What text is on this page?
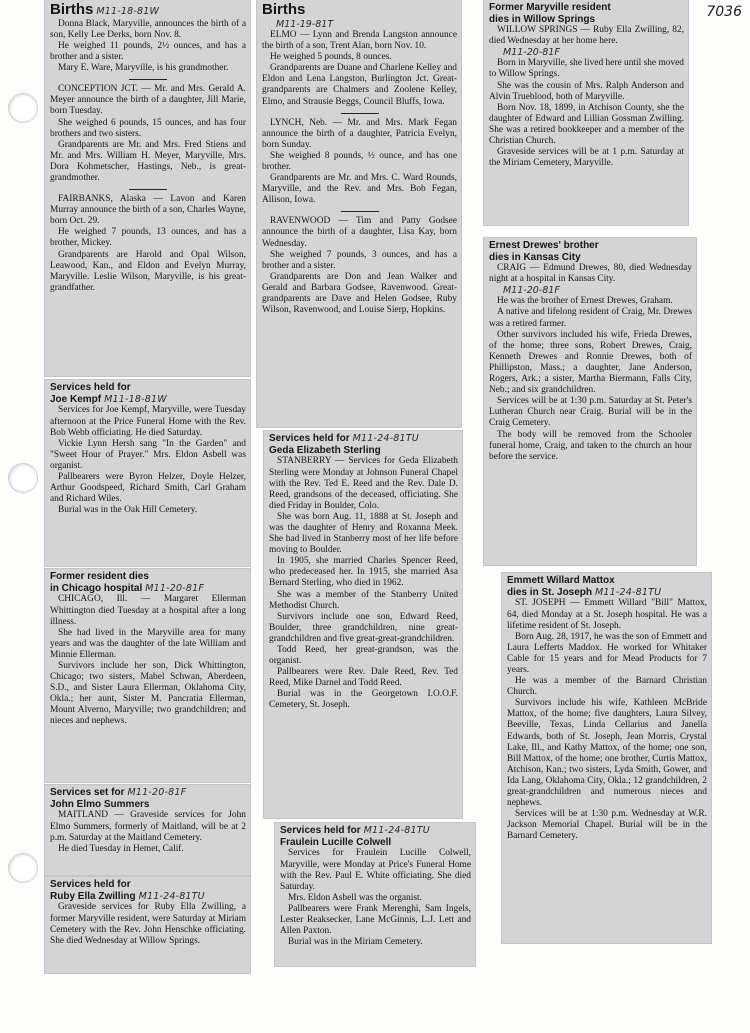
7036
Births M11-18-81W

Donna Black, Maryville, announces the birth of a son, Kelly Lee Derks, born Nov. 8.

He weighed 11 pounds, 2½ ounces, and has a brother and a sister.

Mary E. Ware, Maryville, is his grandmother.

CONCEPTION JCT. — Mr. and Mrs. Gerald A. Meyer announce the birth of a daughter, Jill Marie, born Tuesday.

She weighed 6 pounds, 15 ounces, and has four brothers and two sisters.

Grandparents are Mr. and Mrs. Fred Stiens and Mr. and Mrs. William H. Meyer, Maryville, Mrs. Dora Kohmetscher, Hastings, Neb., is great-grandmother.

FAIRBANKS, Alaska — Lavon and Karen Murray announce the birth of a son, Charles Wayne, born Oct. 29.

He weighed 7 pounds, 13 ounces, and has a brother, Mickey.

Grandparents are Harold and Opal Wilson, Leawood, Kan., and Eldon and Evelyn Murray, Maryville. Leslie Wilson, Maryville, is his great-grandfather.

Services held for
Joe Kempf M11-18-81W

Services for Joe Kempf, Maryville, were Tuesday afternoon at the Price Funeral Home with the Rev. Bob Webb officiating. He died Saturday.

Vickie Lynn Hersh sang "In the Garden" and "Sweet Hour of Prayer." Mrs. Eldon Asbell was organist.

Pallbearers were Byron Helzer, Doyle Helzer, Arthur Goodspeed, Richard Smith, Carl Graham and Richard Wiles.

Burial was in the Oak Hill Cemetery.

Former resident dies
in Chicago hospital M11-20-81F

CHICAGO, Ill. — Margaret Ellerman Whittington died Tuesday at a hospital after a long illness.

She had lived in the Maryville area for many years and was the daughter of the late William and Minnie Ellerman.

Survivors include her son, Dick Whittington, Chicago; two sisters, Mabel Schwan, Aberdeen, S.D., and Sister Laura Ellerman, Oklahoma City, Okla.; her aunt, Sister M. Pancratia Ellerman, Mount Alverno, Maryville; two grandchildren; and nieces and nephews.

Services set for M11-20-81F
John Elmo Summers

MAITLAND — Graveside services for John Elmo Summers, formerly of Maitland, will be at 2 p.m. Saturday at the Maitland Cemetery.

He died Tuesday in Hemet, Calif.

Services held for
Ruby Ella Zwilling M11-24-81TU

Graveside services for Ruby Ella Zwilling, a former Maryville resident, were Saturday at Miriam Cemetery with the Rev. John Henschke officiating. She died Wednesday at Willow Springs.

Births
M11-19-81T

ELMO — Lynn and Brenda Langston announce the birth of a son, Trent Alan, born Nov. 10.

He weighed 5 pounds, 8 ounces.

Grandparents are Duane and Charlene Kelley and Eldon and Lena Langston, Burlington Jct. Great-grandparents are Chalmers and Zoolene Kelley, Elmo, and Strausie Beggs, Council Bluffs, Iowa.

LYNCH, Neb. — Mr. and Mrs. Mark Fegan announce the birth of a daughter, Patricia Evelyn, born Sunday.

She weighed 8 pounds, ½ ounce, and has one brother.

Grandparents are Mr. and Mrs. C. Ward Rounds, Maryville, and the Rev. and Mrs. Bob Fegan, Allison, Iowa.

RAVENWOOD — Tim and Patty Godsee announce the birth of a daughter, Lisa Kay, born Wednesday.

She weighed 7 pounds, 3 ounces, and has a brother and a sister.

Grandparents are Don and Jean Walker and Gerald and Barbara Godsee, Ravenwood. Great-grandparents are Dave and Helen Godsee, Ruby Wilson, Ravenwood, and Louise Sierp, Hopkins.

Services held for M11-24-81TU
Geda Elizabeth Sterling

STANBERRY — Services for Geda Elizabeth Sterling were Monday at Johnson Funeral Chapel with the Rev. Ted E. Reed and the Rev. Dale D. Reed, grandsons of the deceased, officiating. She died Friday in Boulder, Colo.

She was born Aug. 11, 1888 at St. Joseph and was the daughter of Henry and Roxanna Meek. She had lived in Stanberry most of her life before moving to Boulder.

In 1905, she married Charles Spencer Reed, who predeceased her. In 1915, she married Asa Bernard Sterling, who died in 1962.

She was a member of the Stanberry United Methodist Church.

Survivors include one son, Edward Reed, Boulder, three grandchildren, nine great-grandchildren and five great-great-grandchildren.

Todd Reed, her great-grandson, was the organist.

Pallbearers were Rev. Dale Reed, Rev. Ted Reed, Mike Darnel and Todd Reed.

Burial was in the Georgetown I.O.O.F. Cemetery, St. Joseph.

Services held for M11-24-81TU
Fraulein Lucille Colwell

Services for Fraulein Lucille Colwell, Maryville, were Monday at Price's Funeral Home with the Rev. Paul E. White officiating. She died Saturday.

Mrs. Eldon Asbell was the organist.

Pallbearers were Frank Merenghi, Sam Ingels, Lester Reaksecker, Lane McGinnis, L.J. Lett and Allen Paxton.

Burial was in the Miriam Cemetery.

Former Maryville resident
dies in Willow Springs

WILLOW SPRINGS — Ruby Ella Zwilling, 82, died Wednesday at her home here.

M11-20-81F

Born in Maryville, she lived here until she moved to Willow Springs.

She was the cousin of Mrs. Ralph Anderson and Alvin Trueblood, both of Maryville.

Born Nov. 18, 1899, in Atchison County, she the daughter of Edward and Lillian Gossman Zwilling. She was a retired bookkeeper and a member of the Christian Church.

Graveside services will be at 1 p.m. Saturday at the Miriam Cemetery, Maryville.

Ernest Drewes' brother
dies in Kansas City

CRAIG — Edmund Drewes, 80, died Wednesday night at a hospital in Kansas City.

M11-20-81F

He was the brother of Ernest Drewes, Graham.

A native and lifelong resident of Craig, Mr. Drewes was a retired farmer.

Other survivors included his wife, Frieda Drewes, of the home; three sons, Robert Drewes, Craig, Kenneth Drewes and Ronnie Drewes, both of Phillipston, Mass.; a daughter, Jane Anderson, Rogers, Ark.; a sister, Martha Biermann, Falls City, Neb.; and six grandchildren.

Services will be at 1:30 p.m. Saturday at St. Peter's Lutheran Church near Craig. Burial will be in the Craig Cemetery.

The body will be removed from the Schooler funeral home, Craig, and taken to the church an hour before the service.

Emmett Willard Mattox
dies in St. Joseph M11-24-81TU

ST. JOSEPH — Emmett Willard "Bill" Mattox, 64, died Monday at a St. Joseph hospital. He was a lifetime resident of St. Joseph.

Born Aug. 28, 1917, he was the son of Emmett and Laura Lefferts Maddox. He worked for Whitaker Cable for 15 years and for Mead Products for 7 years.

He was a member of the Barnard Christian Church.

Survivors include his wife, Kathleen McBride Mattox, of the home; five daughters, Laura Silvey, Beeville, Texas, Linda Cellarius and Janella Edwards, both of St. Joseph, Jean Morris, Crystal Lake, Ill., and Kathy Mattox, of the home; one son, Bill Mattox, of the home; one brother, Curtis Mattox, Atchison, Kan.; two sisters, Lyda Smith, Gower, and Ida Lang, Oklahoma City, Okla.; 12 grandchildren, 2 great-grandchildren and numerous nieces and nephews.

Services will be at 1:30 p.m. Wednesday at W.R. Jackson Memorial Chapel. Burial will be in the Barnard Cemetery.
